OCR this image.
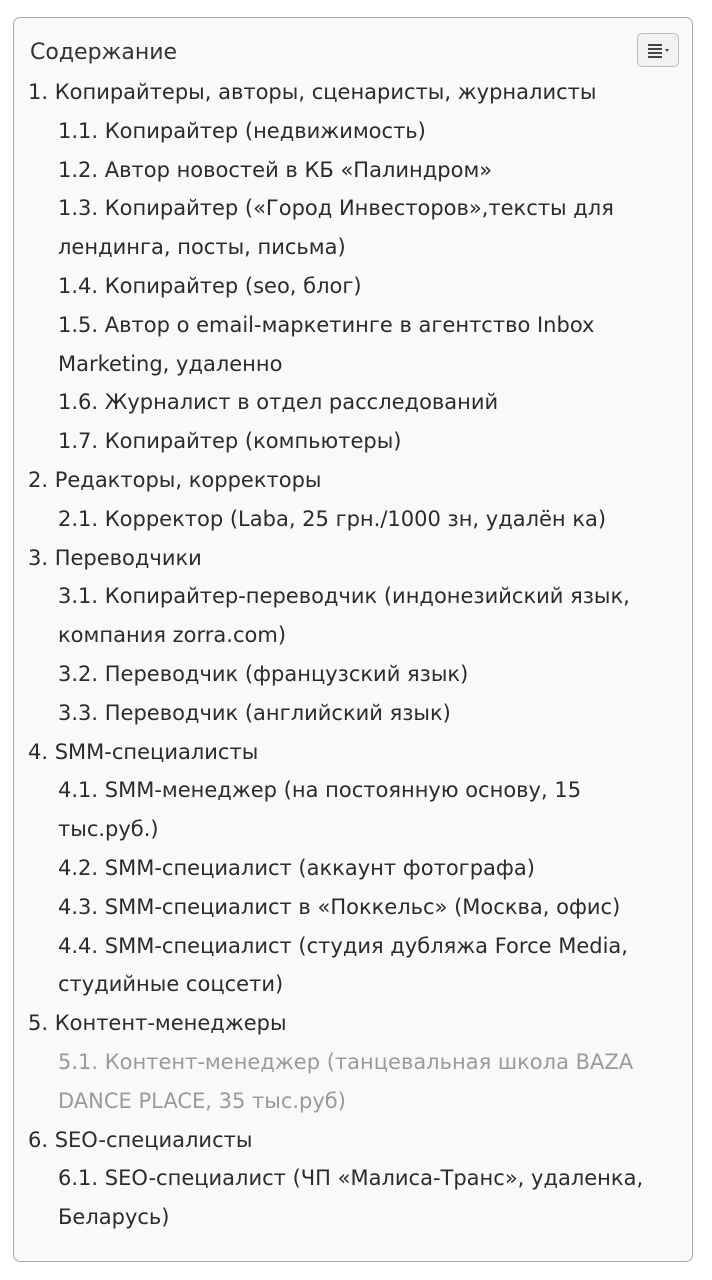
Содержание
1. Копирайтеры, авторы, сценаристы, журналисты
1.1. Копирайтер (недвижимость)
1.2. Автор новостей в КБ «Палиндром»
1.3. Копирайтер («Город Инвесторов»,тексты для лендинга, посты, письма)
1.4. Копирайтер (seo, блог)
1.5. Автор о email-маркетинге в агентство Inbox Marketing, удаленно
1.6. Журналист в отдел расследований
1.7. Копирайтер (компьютеры)
2. Редакторы, корректоры
2.1. Корректор (Laba, 25 грн./1000 зн, удалён ка)
3. Переводчики
3.1. Копирайтер-переводчик (индонезийский язык, компания zorra.com)
3.2. Переводчик (французский язык)
3.3. Переводчик (английский язык)
4. SMM-специалисты
4.1. SMM-менеджер (на постоянную основу, 15 тыс.руб.)
4.2. SMM-специалист (аккаунт фотографа)
4.3. SMM-специалист в «Поккельс» (Москва, офис)
4.4. SMM-специалист (студия дубляжа Force Media, студийные соцсети)
5. Контент-менеджеры
5.1. Контент-менеджер (танцевальная школа BAZA DANCE PLACE, 35 тыс.руб)
6. SEO-специалисты
6.1. SEO-специалист (ЧП «Малиса-Транс», удаленка, Беларусь)
